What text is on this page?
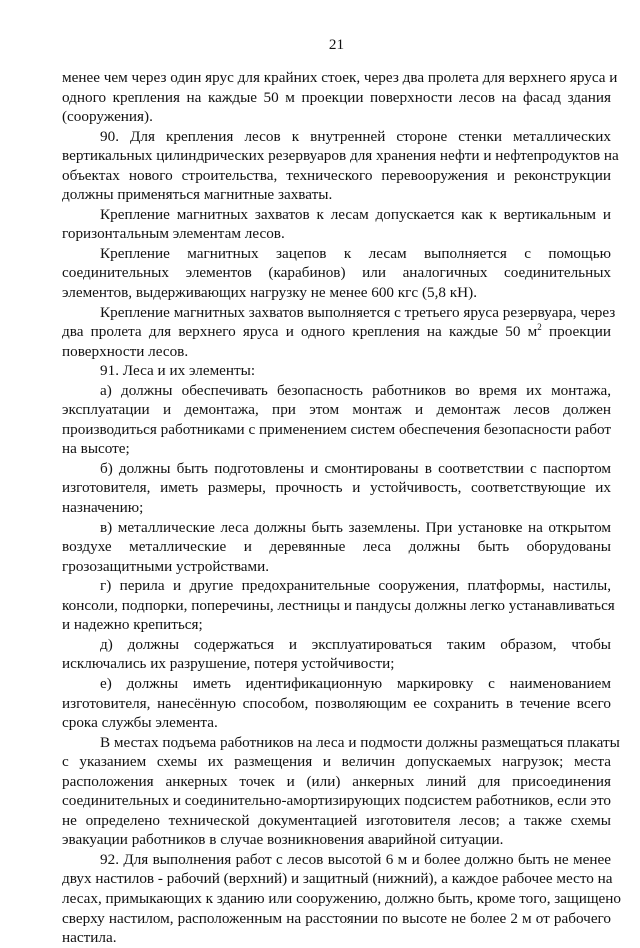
21

менее чем через один ярус для крайних стоек, через два пролета для верхнего яруса и
одного крепления на каждые 50 м проекции поверхности лесов на фасад здания
(сооружения).

90. Для крепления лесов к внутренней стороне стенки металлических
вертикальных цилиндрических резервуаров для хранения нефти и нефтепродуктов на
объектах нового строительства, технического перевооружения и реконструкции
должны применяться магнитные захваты.

Крепление магнитных захватов к лесам допускается как к вертикальным и
горизонтальным элементам лесов.

Крепление магнитных зацепов к лесам выполняется с помощью
соединительных элементов (карабинов) или аналогичных соединительных
элементов, выдерживающих нагрузку не менее 600 кгс (5,8 кН).

Крепление магнитных захватов выполняется с третьего яруса резервуара, через
два пролета для верхнего яруса и одного крепления на каждые 50 $м^2$ проекции
поверхности лесов.

91. Леса и их элементы:

а) должны обеспечивать безопасность работников во время их монтажа,
эксплуатации и демонтажа, при этом монтаж и демонтаж лесов должен
производиться работниками с применением систем обеспечения безопасности работ
на высоте;

б) должны быть подготовлены и смонтированы в соответствии с паспортом
изготовителя, иметь размеры, прочность и устойчивость, соответствующие их
назначению;

в) металлические леса должны быть заземлены. При установке на открытом
воздухе металлические и деревянные леса должны быть оборудованы
грозозащитными устройствами.

г) перила и другие предохранительные сооружения, платформы, настилы,
консоли, подпорки, поперечины, лестницы и пандусы должны легко устанавливаться
и надежно крепиться;

д) должны содержаться и эксплуатироваться таким образом, чтобы
исключались их разрушение, потеря устойчивости;

е) должны иметь идентификационную маркировку с наименованием
изготовителя, нанесённую способом, позволяющим ее сохранить в течение всего
срока службы элемента.

В местах подъема работников на леса и подмости должны размещаться плакаты
с указанием схемы их размещения и величин допускаемых нагрузок; места
расположения анкерных точек и (или) анкерных линий для присоединения
соединительных и соединительно-амортизирующих подсистем работников, если это
не определено технической документацией изготовителя лесов; а также схемы
эвакуации работников в случае возникновения аварийной ситуации.

92. Для выполнения работ с лесов высотой 6 м и более должно быть не менее
двух настилов - рабочий (верхний) и защитный (нижний), а каждое рабочее место на
лесах, примыкающих к зданию или сооружению, должно быть, кроме того, защищено
сверху настилом, расположенным на расстоянии по высоте не более 2 м от рабочего
настила.
